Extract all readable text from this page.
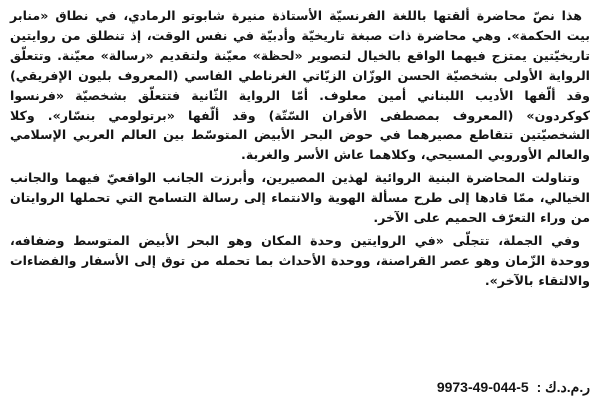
هذا نصّ محاضرة ألقتها باللغة الفرنسيّة الأستاذة منيرة شابوتو الرمادي، في نطاق «منابر بيت الحكمة». وهي محاضرة ذات صبغة تاريخيّة وأدبيّة في نفس الوقت، إذ تنطلق من روايتين تاريخيّتين يمتزج فيهما الواقع بالخيال لتصوير «لحظة» معيّنة ولتقديم «رسالة» معيّنة. وتتعلّق الرواية الأولى بشخصيّة الحسن الوزّان الزيّاتي الغرناطي الفاسي (المعروف بليون الإفريقي) وقد ألّفها الأديب اللبناني أمين معلوف. أمّا الرواية الثّانية فتتعلّق بشخصيّة «فرنسوا كوكردون» (المعروف بمصطفى الأفران السّتّة) وقد ألّفها «برتولومي بنسّار». وكلا الشخصيّتين تتقاطع مصيرهما في حوض البحر الأبيض المتوسّط بين العالم العربي الإسلامي والعالم الأوروبي المسيحي، وكلاهما عاش الأسر والغربة.

وتناولت المحاضرة البنية الروائية لهذين المصيرين، وأبرزت الجانب الواقعيّ فيهما والجانب الخيالي، ممّا قادها إلى طرح مسألة الهوية والانتماء إلى رسالة التسامح التي تحملها الروايتان من وراء التعرّف الحميم على الآخر.

وفي الجملة، تتجلّى «في الروايتين وحدة المكان وهو البحر الأبيض المتوسط وضفافه، ووحدة الزّمان وهو عصر القراصنة، ووحدة الأحداث بما تحمله من توق إلى الأسفار والفضاءات والالتقاء بالآخر».

ر.م.د.ك : 9973-49-044-5
